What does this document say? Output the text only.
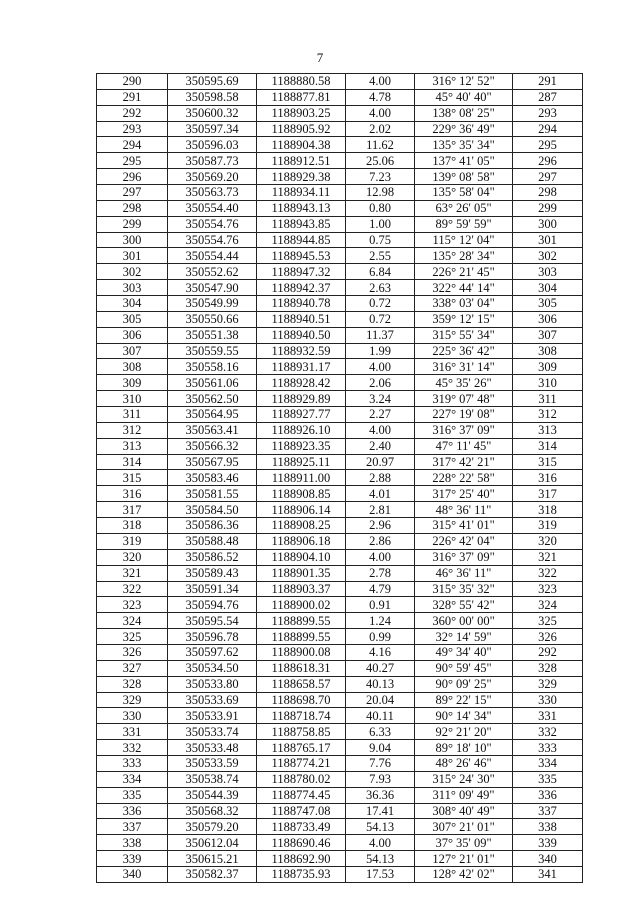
7
290	350595.69	1188880.58	4.00	316° 12' 52"	291
291	350598.58	1188877.81	4.78	45° 40' 40"	287
292	350600.32	1188903.25	4.00	138° 08' 25"	293
293	350597.34	1188905.92	2.02	229° 36' 49"	294
294	350596.03	1188904.38	11.62	135° 35' 34"	295
295	350587.73	1188912.51	25.06	137° 41' 05"	296
296	350569.20	1188929.38	7.23	139° 08' 58"	297
297	350563.73	1188934.11	12.98	135° 58' 04"	298
298	350554.40	1188943.13	0.80	63° 26' 05"	299
299	350554.76	1188943.85	1.00	89° 59' 59"	300
300	350554.76	1188944.85	0.75	115° 12' 04"	301
301	350554.44	1188945.53	2.55	135° 28' 34"	302
302	350552.62	1188947.32	6.84	226° 21' 45"	303
303	350547.90	1188942.37	2.63	322° 44' 14"	304
304	350549.99	1188940.78	0.72	338° 03' 04"	305
305	350550.66	1188940.51	0.72	359° 12' 15"	306
306	350551.38	1188940.50	11.37	315° 55' 34"	307
307	350559.55	1188932.59	1.99	225° 36' 42"	308
308	350558.16	1188931.17	4.00	316° 31' 14"	309
309	350561.06	1188928.42	2.06	45° 35' 26"	310
310	350562.50	1188929.89	3.24	319° 07' 48"	311
311	350564.95	1188927.77	2.27	227° 19' 08"	312
312	350563.41	1188926.10	4.00	316° 37' 09"	313
313	350566.32	1188923.35	2.40	47° 11' 45"	314
314	350567.95	1188925.11	20.97	317° 42' 21"	315
315	350583.46	1188911.00	2.88	228° 22' 58"	316
316	350581.55	1188908.85	4.01	317° 25' 40"	317
317	350584.50	1188906.14	2.81	48° 36' 11"	318
318	350586.36	1188908.25	2.96	315° 41' 01"	319
319	350588.48	1188906.18	2.86	226° 42' 04"	320
320	350586.52	1188904.10	4.00	316° 37' 09"	321
321	350589.43	1188901.35	2.78	46° 36' 11"	322
322	350591.34	1188903.37	4.79	315° 35' 32"	323
323	350594.76	1188900.02	0.91	328° 55' 42"	324
324	350595.54	1188899.55	1.24	360° 00' 00"	325
325	350596.78	1188899.55	0.99	32° 14' 59"	326
326	350597.62	1188900.08	4.16	49° 34' 40"	292
327	350534.50	1188618.31	40.27	90° 59' 45"	328
328	350533.80	1188658.57	40.13	90° 09' 25"	329
329	350533.69	1188698.70	20.04	89° 22' 15"	330
330	350533.91	1188718.74	40.11	90° 14' 34"	331
331	350533.74	1188758.85	6.33	92° 21' 20"	332
332	350533.48	1188765.17	9.04	89° 18' 10"	333
333	350533.59	1188774.21	7.76	48° 26' 46"	334
334	350538.74	1188780.02	7.93	315° 24' 30"	335
335	350544.39	1188774.45	36.36	311° 09' 49"	336
336	350568.32	1188747.08	17.41	308° 40' 49"	337
337	350579.20	1188733.49	54.13	307° 21' 01"	338
338	350612.04	1188690.46	4.00	37° 35' 09"	339
339	350615.21	1188692.90	54.13	127° 21' 01"	340
340	350582.37	1188735.93	17.53	128° 42' 02"	341
